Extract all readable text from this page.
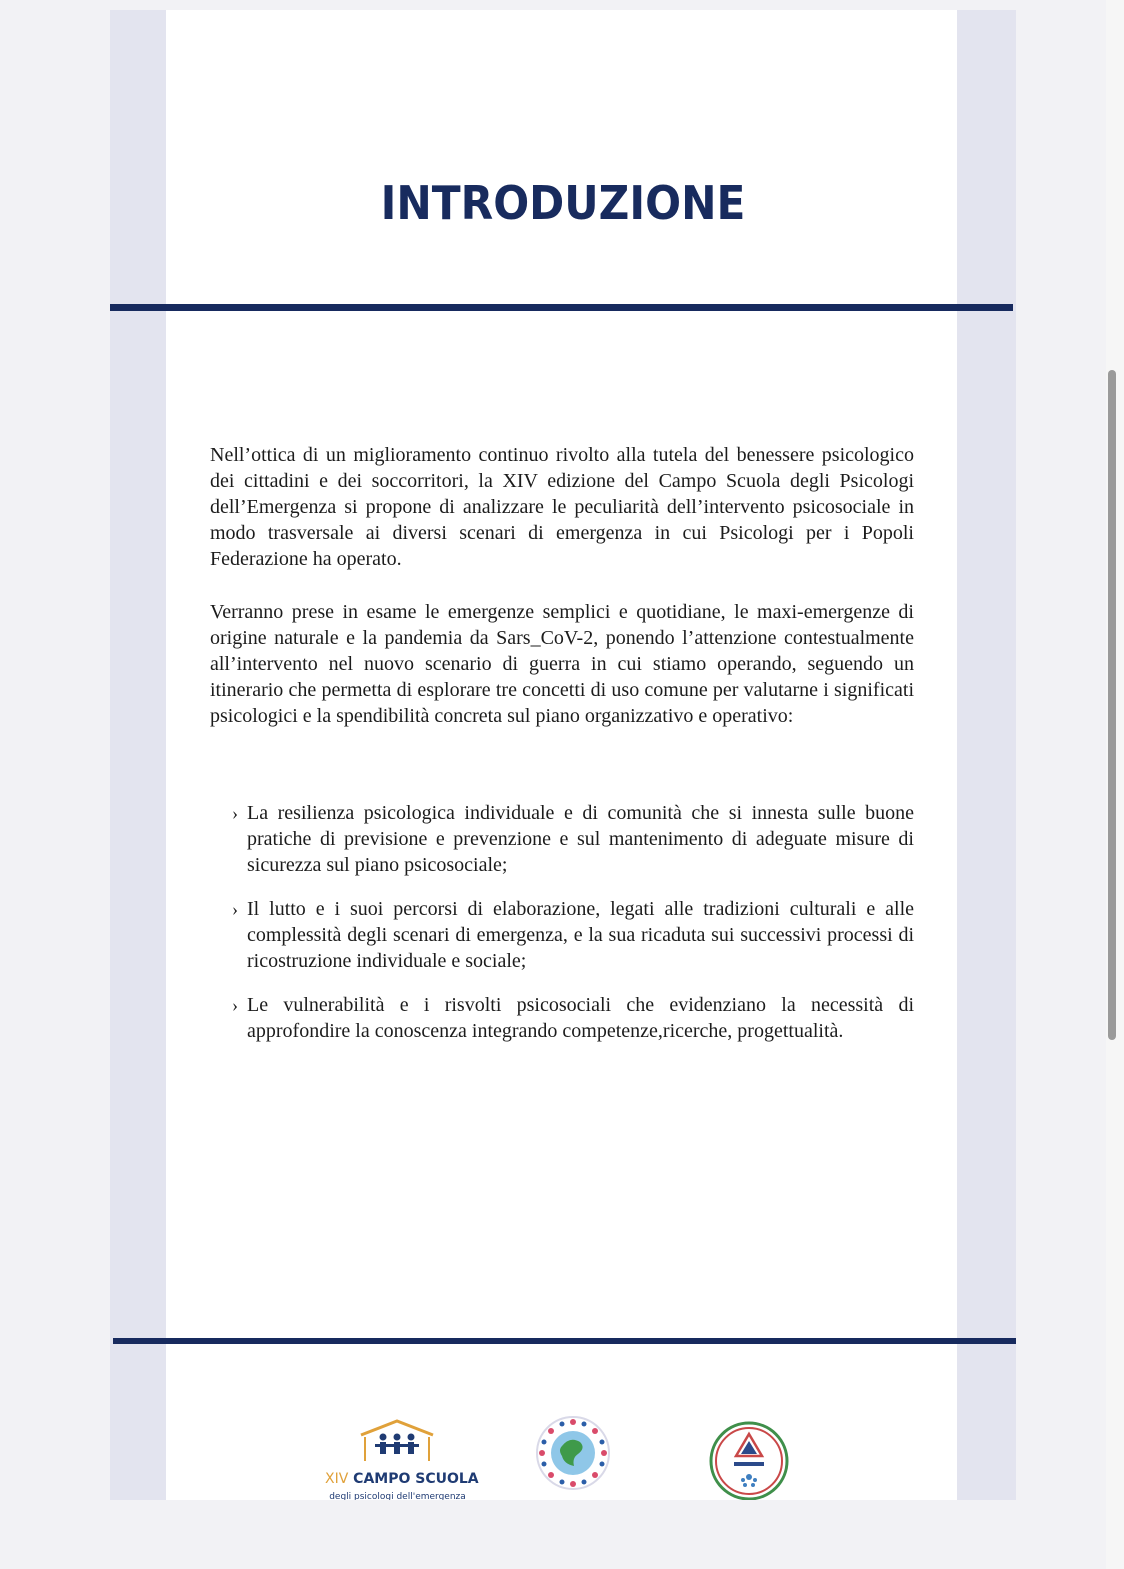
INTRODUZIONE

Nell’ottica di un miglioramento continuo rivolto alla tutela del benessere psicologico dei cittadini e dei soccorritori, la XIV edizione del Campo Scuola degli Psicologi dell’Emergenza si propone di analizzare le peculiarità dell’intervento psicosociale in modo trasversale ai diversi scenari di emergenza in cui Psicologi per i Popoli Federazione ha operato.

Verranno prese in esame le emergenze semplici e quotidiane, le maxi-emergenze di origine naturale e la pandemia da Sars_CoV-2, ponendo l’attenzione contestualmente all’intervento nel nuovo scenario di guerra in cui stiamo operando, seguendo un itinerario che permetta di esplorare tre concetti di uso comune per valutarne i significati psicologici e la spendibilità concreta sul piano organizzativo e operativo:

› La resilienza psicologica individuale e di comunità che si innesta sulle buone pratiche di previsione e prevenzione e sul mantenimento di adeguate misure di sicurezza sul piano psicosociale;
› Il lutto e i suoi percorsi di elaborazione, legati alle tradizioni culturali e alle complessità degli scenari di emergenza, e la sua ricaduta sui successivi processi di ricostruzione individuale e sociale;
› Le vulnerabilità e i risvolti psicosociali che evidenziano la necessità di approfondire la conoscenza integrando competenze,ricerche, progettualità.
XIV CAMPO SCUOLA
degli psicologi dell'emergenza
